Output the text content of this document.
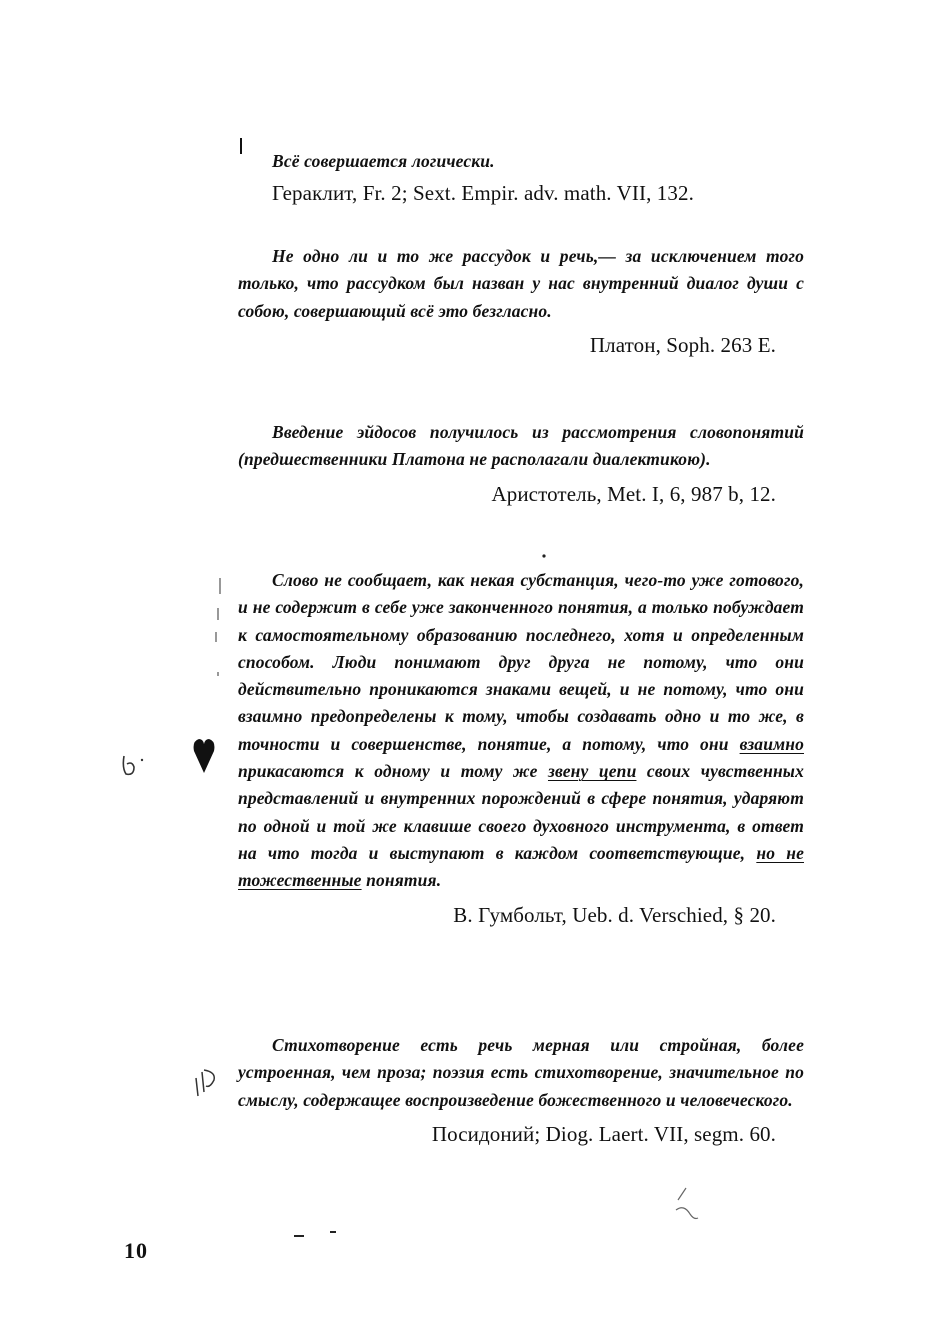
Всё совершается логически.

Гераклит, Fr. 2; Sext. Empir. adv. math. VII, 132.

Не одно ли и то же рассудок и речь,— за исключением того только, что рассудком был назван у нас внутренний диалог души с собою, совершающий всё это безгласно.

Платон, Soph. 263 E.

Введение эйдосов получилось из рассмотрения словопонятий (предшественники Платона не располагали диалектикою).

Аристотель, Met. I, 6, 987 b, 12.

Слово не сообщает, как некая субстанция, чего-то уже готового, и не содержит в себе уже законченного понятия, а только побуждает к самостоятельному образованию последнего, хотя и определенным способом. Люди понимают друг друга не потому, что они действительно проникаются знаками вещей, и не потому, что они взаимно предопределены к тому, чтобы создавать одно и то же, в точности и совершенстве, понятие, а потому, что они взаимно прикасаются к одному и тому же звену цепи своих чувственных представлений и внутренних порождений в сфере понятия, ударяют по одной и той же клавише своего духовного инструмента, в ответ на что тогда и выступают в каждом соответствующие, но не тожественные понятия.

В. Гумбольт, Ueb. d. Verschied, § 20.

Стихотворение есть речь мерная или стройная, более устроенная, чем проза; поэзия есть стихотворение, значительное по смыслу, содержащее воспроизведение божественного и человеческого.

Посидоний; Diog. Laert. VII, segm. 60.
10
